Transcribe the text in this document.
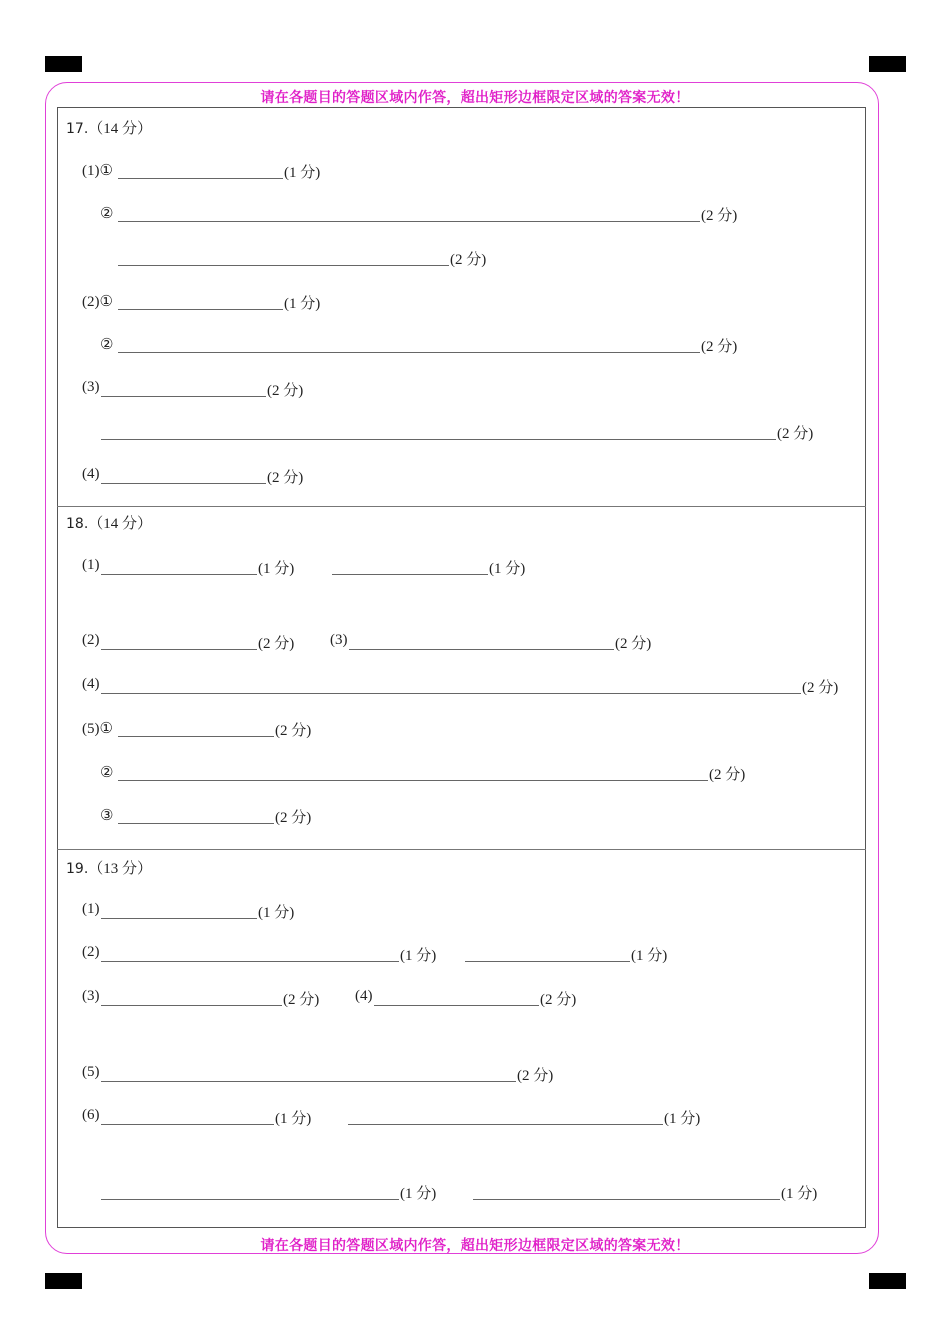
请在各题目的答题区域内作答，超出矩形边框限定区域的答案无效！
请在各题目的答题区域内作答，超出矩形边框限定区域的答案无效！
17.（14 分）
(1)①	(1 分)
②	(2 分)
(2 分)
(2)①	(1 分)
②	(2 分)
(3)	(2 分)
(2 分)
(4)	(2 分)
18.（14 分）
(1)	(1 分)	(1 分)
(2)	(2 分) (3)	(2 分)
(4)	(2 分)
(5)①	(2 分)
②	(2 分)
③	(2 分)
19.（13 分）
(1)	(1 分)
(2)	(1 分)	(1 分)
(3)	(2 分) (4)	(2 分)
(5)	(2 分)
(6)	(1 分)	(1 分)
(1 分)	(1 分)
